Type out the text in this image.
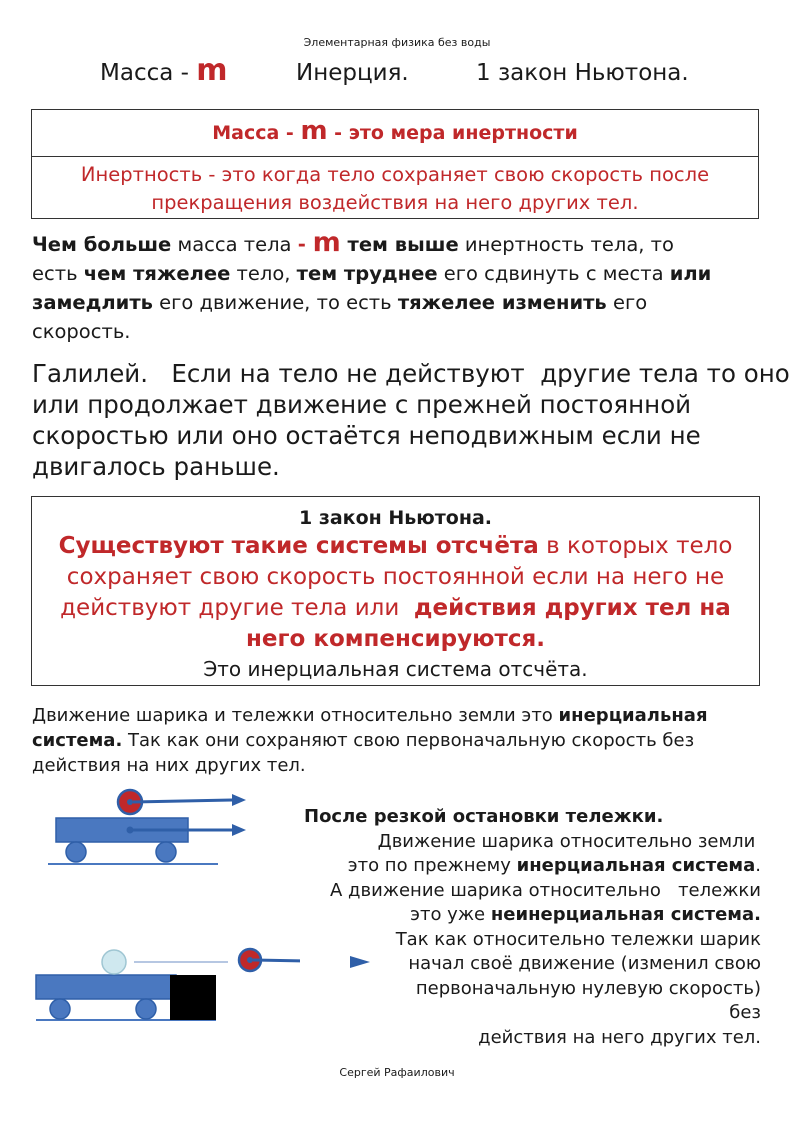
Элементарная физика без воды
Масса - m	Инерция.	1 закон Ньютона.
Масса - m - это мера инертности
Инертность - это когда тело сохраняет свою скорость после
прекращения воздействия на него других тел.
Чем больше масса тела - m тем выше инертность тела, то
есть чем тяжелее тело, тем труднее его сдвинуть с места или
замедлить его движение, то есть тяжелее изменить его
скорость.
Галилей.   Если на тело не действуют  другие тела то оно
или продолжает движение с прежней постоянной
скоростью или оно остаётся неподвижным если не
двигалось раньше.
1 закон Ньютона.
Существуют такие системы отсчёта в которых тело
сохраняет свою скорость постоянной если на него не
действуют другие тела или  действия других тел на
него компенсируются.
Это инерциальная система отсчёта.
Движение шарика и тележки относительно земли это инерциальная
система. Так как они сохраняют свою первоначальную скорость без
действия на них других тел.
После резкой остановки тележки.
Движение шарика относительно земли
это по прежнему инерциальная система.
А движение шарика относительно   тележки
это уже неинерциальная система.
Так как относительно тележки шарик
начал своё движение (изменил свою
первоначальную нулевую скорость)
без
действия на него других тел.
Сергей Рафаилович
